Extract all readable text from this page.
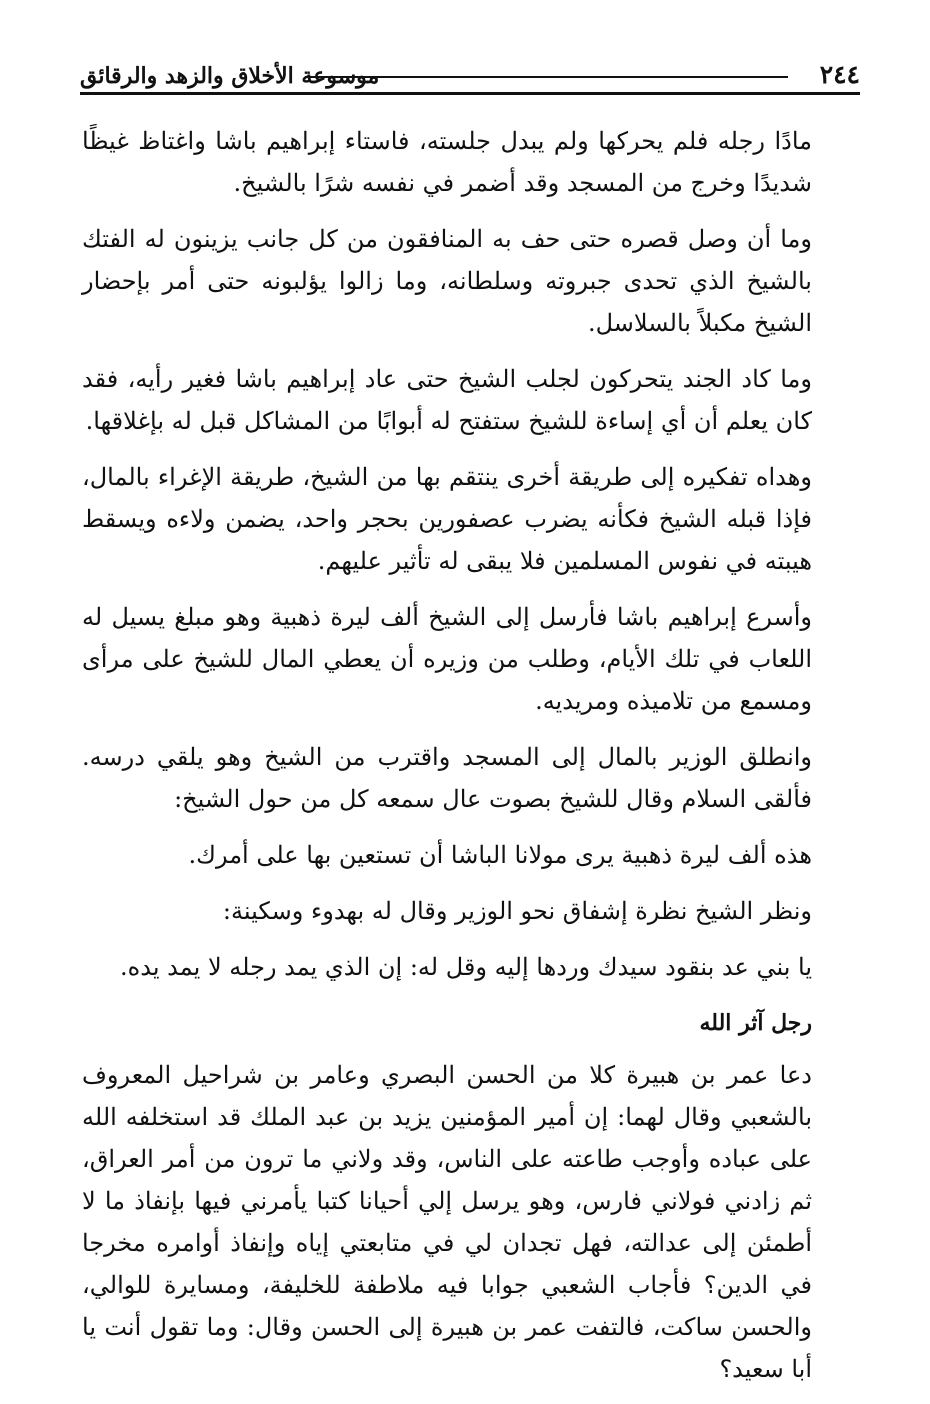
٢٤٤
موسوعة الأخلاق والزهد والرقائق

مادًا رجله فلم يحركها ولم يبدل جلسته، فاستاء إبراهيم باشا واغتاظ غيظًا شديدًا وخرج من المسجد وقد أضمر في نفسه شرًا بالشيخ.

وما أن وصل قصره حتى حف به المنافقون من كل جانب يزينون له الفتك بالشيخ الذي تحدى جبروته وسلطانه، وما زالوا يؤلبونه حتى أمر بإحضار الشيخ مكبلاً بالسلاسل.

وما كاد الجند يتحركون لجلب الشيخ حتى عاد إبراهيم باشا فغير رأيه، فقد كان يعلم أن أي إساءة للشيخ ستفتح له أبوابًا من المشاكل قبل له بإغلاقها.

وهداه تفكيره إلى طريقة أخرى ينتقم بها من الشيخ، طريقة الإغراء بالمال، فإذا قبله الشيخ فكأنه يضرب عصفورين بحجر واحد، يضمن ولاءه ويسقط هيبته في نفوس المسلمين فلا يبقى له تأثير عليهم.

وأسرع إبراهيم باشا فأرسل إلى الشيخ ألف ليرة ذهبية وهو مبلغ يسيل له اللعاب في تلك الأيام، وطلب من وزيره أن يعطي المال للشيخ على مرأى ومسمع من تلاميذه ومريديه.

وانطلق الوزير بالمال إلى المسجد واقترب من الشيخ وهو يلقي درسه. فألقى السلام وقال للشيخ بصوت عال سمعه كل من حول الشيخ:

هذه ألف ليرة ذهبية يرى مولانا الباشا أن تستعين بها على أمرك.

ونظر الشيخ نظرة إشفاق نحو الوزير وقال له بهدوء وسكينة:

يا بني عد بنقود سيدك وردها إليه وقل له: إن الذي يمد رجله لا يمد يده.

رجل آثر الله

دعا عمر بن هبيرة كلا من الحسن البصري وعامر بن شراحيل المعروف بالشعبي وقال لهما: إن أمير المؤمنين يزيد بن عبد الملك قد استخلفه الله على عباده وأوجب طاعته على الناس، وقد ولاني ما ترون من أمر العراق، ثم زادني فولاني فارس، وهو يرسل إلي أحيانا كتبا يأمرني فيها بإنفاذ ما لا أطمئن إلى عدالته، فهل تجدان لي في متابعتي إياه وإنفاذ أوامره مخرجا في الدين؟ فأجاب الشعبي جوابا فيه ملاطفة للخليفة، ومسايرة للوالي، والحسن ساكت، فالتفت عمر بن هبيرة إلى الحسن وقال: وما تقول أنت يا أبا سعيد؟
